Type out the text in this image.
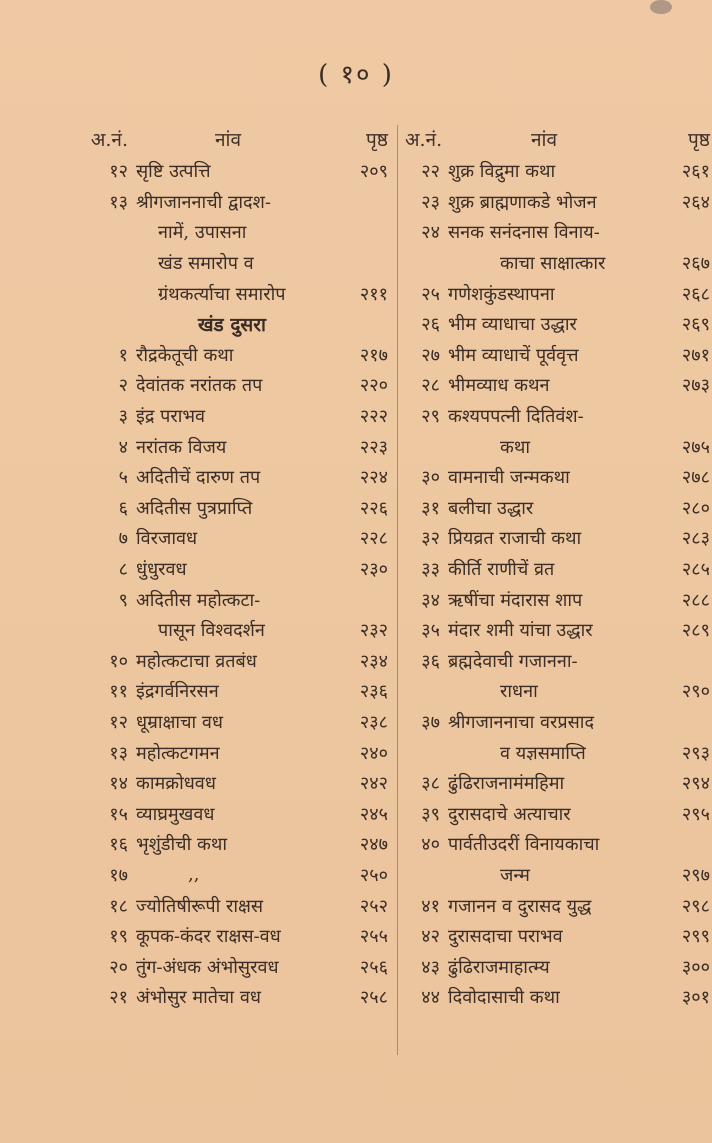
( १० )
अ.नं.	नांव	पृष्ठ
१२ सृष्टि उत्पत्ति	२०९
१३ श्रीगजाननाची द्वादश-
नामें, उपासना
खंड समारोप व
ग्रंथकर्त्याचा समारोप	२११
खंड दुसरा
१ रौद्रकेतूची कथा	२१७
२ देवांतक नरांतक तप	२२०
३ इंद्र पराभव	२२२
४ नरांतक विजय	२२३
५ अदितीचें दारुण तप	२२४
६ अदितीस पुत्रप्राप्ति	२२६
७ विरजावध	२२८
८ धुंधुरवध	२३०
९ अदितीस महोत्कटा-
पासून विश्वदर्शन	२३२
१० महोत्कटाचा व्रतबंध	२३४
११ इंद्रगर्वनिरसन	२३६
१२ धूम्राक्षाचा वध	२३८
१३ महोत्कटगमन	२४०
१४ कामक्रोधवध	२४२
१५ व्याघ्रमुखवध	२४५
१६ भृशुंडीची कथा	२४७
१७	,,	२५०
१८ ज्योतिषीरूपी राक्षस	२५२
१९ कूपक-कंदर राक्षस-वध	२५५
२० तुंग-अंधक अंभोसुरवध	२५६
२१ अंभोसुर मातेचा वध	२५८
अ.नं.	नांव	पृष्ठ
२२ शुक्र विद्रुमा कथा	२६१
२३ शुक्र ब्राह्मणाकडे भोजन	२६४
२४ सनक सनंदनास विनाय-
काचा साक्षात्कार	२६७
२५ गणेशकुंडस्थापना	२६८
२६ भीम व्याधाचा उद्धार	२६९
२७ भीम व्याधाचें पूर्ववृत्त	२७१
२८ भीमव्याध कथन	२७३
२९ कश्यपपत्नी दितिवंश-
कथा	२७५
३० वामनाची जन्मकथा	२७८
३१ बलीचा उद्धार	२८०
३२ प्रियव्रत राजाची कथा	२८३
३३ कीर्ति राणीचें व्रत	२८५
३४ ऋषींचा मंदारास शाप	२८८
३५ मंदार शमी यांचा उद्धार	२८९
३६ ब्रह्मदेवाची गजानना-
राधना	२९०
३७ श्रीगजाननाचा वरप्रसाद
व यज्ञसमाप्ति	२९३
३८ ढुंढिराजनामंमहिमा	२९४
३९ दुरासदाचे अत्याचार	२९५
४० पार्वतीउदरीं विनायकाचा
जन्म	२९७
४१ गजानन व दुरासद युद्ध	२९८
४२ दुरासदाचा पराभव	२९९
४३ ढुंढिराजमाहात्म्य	३००
४४ दिवोदासाची कथा	३०१
